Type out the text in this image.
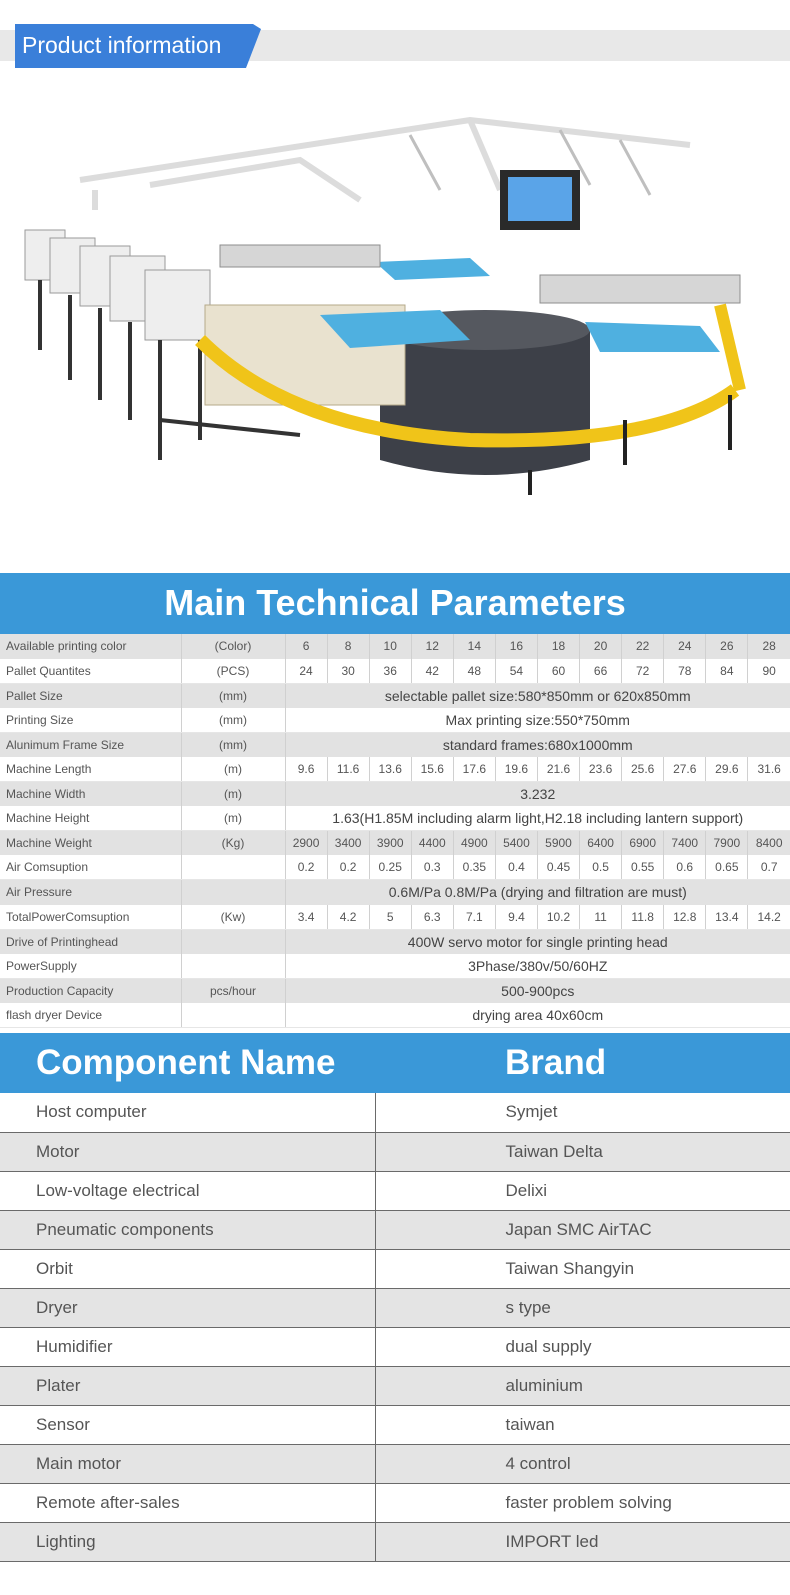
Product information
Main Technical Parameters
Available printing color	(Color)	6	8	10	12	14	16	18	20	22	24	26	28
Pallet Quantites	(PCS)	24	30	36	42	48	54	60	66	72	78	84	90
Pallet Size	(mm)	selectable pallet size:580*850mm or 620x850mm											
Printing Size	(mm)	Max printing size:550*750mm											
Alunimum Frame Size	(mm)	standard frames:680x1000mm											
Machine Length	(m)	9.6	11.6	13.6	15.6	17.6	19.6	21.6	23.6	25.6	27.6	29.6	31.6
Machine Width	(m)	3.232											
Machine Height	(m)	1.63(H1.85M including alarm light,H2.18 including lantern support)											
Machine Weight	(Kg)	2900	3400	3900	4400	4900	5400	5900	6400	6900	7400	7900	8400
Air Comsuption		0.2	0.2	0.25	0.3	0.35	0.4	0.45	0.5	0.55	0.6	0.65	0.7
Air Pressure		0.6M/Pa 0.8M/Pa (drying and filtration are must)											
TotalPowerComsuption	(Kw)	3.4	4.2	5	6.3	7.1	9.4	10.2	11	11.8	12.8	13.4	14.2
Drive of Printinghead		400W servo motor for single printing head											
PowerSupply		3Phase/380v/50/60HZ											
Production Capacity	pcs/hour	500-900pcs											
flash dryer Device		drying area 40x60cm											
Component Name	Brand
Host computer	Symjet
Motor	Taiwan Delta
Low-voltage electrical	Delixi
Pneumatic components	Japan SMC AirTAC
Orbit	Taiwan Shangyin
Dryer	s type
Humidifier	dual supply
Plater	aluminium
Sensor	taiwan
Main motor	4 control
Remote after-sales	faster problem solving
Lighting	IMPORT led
